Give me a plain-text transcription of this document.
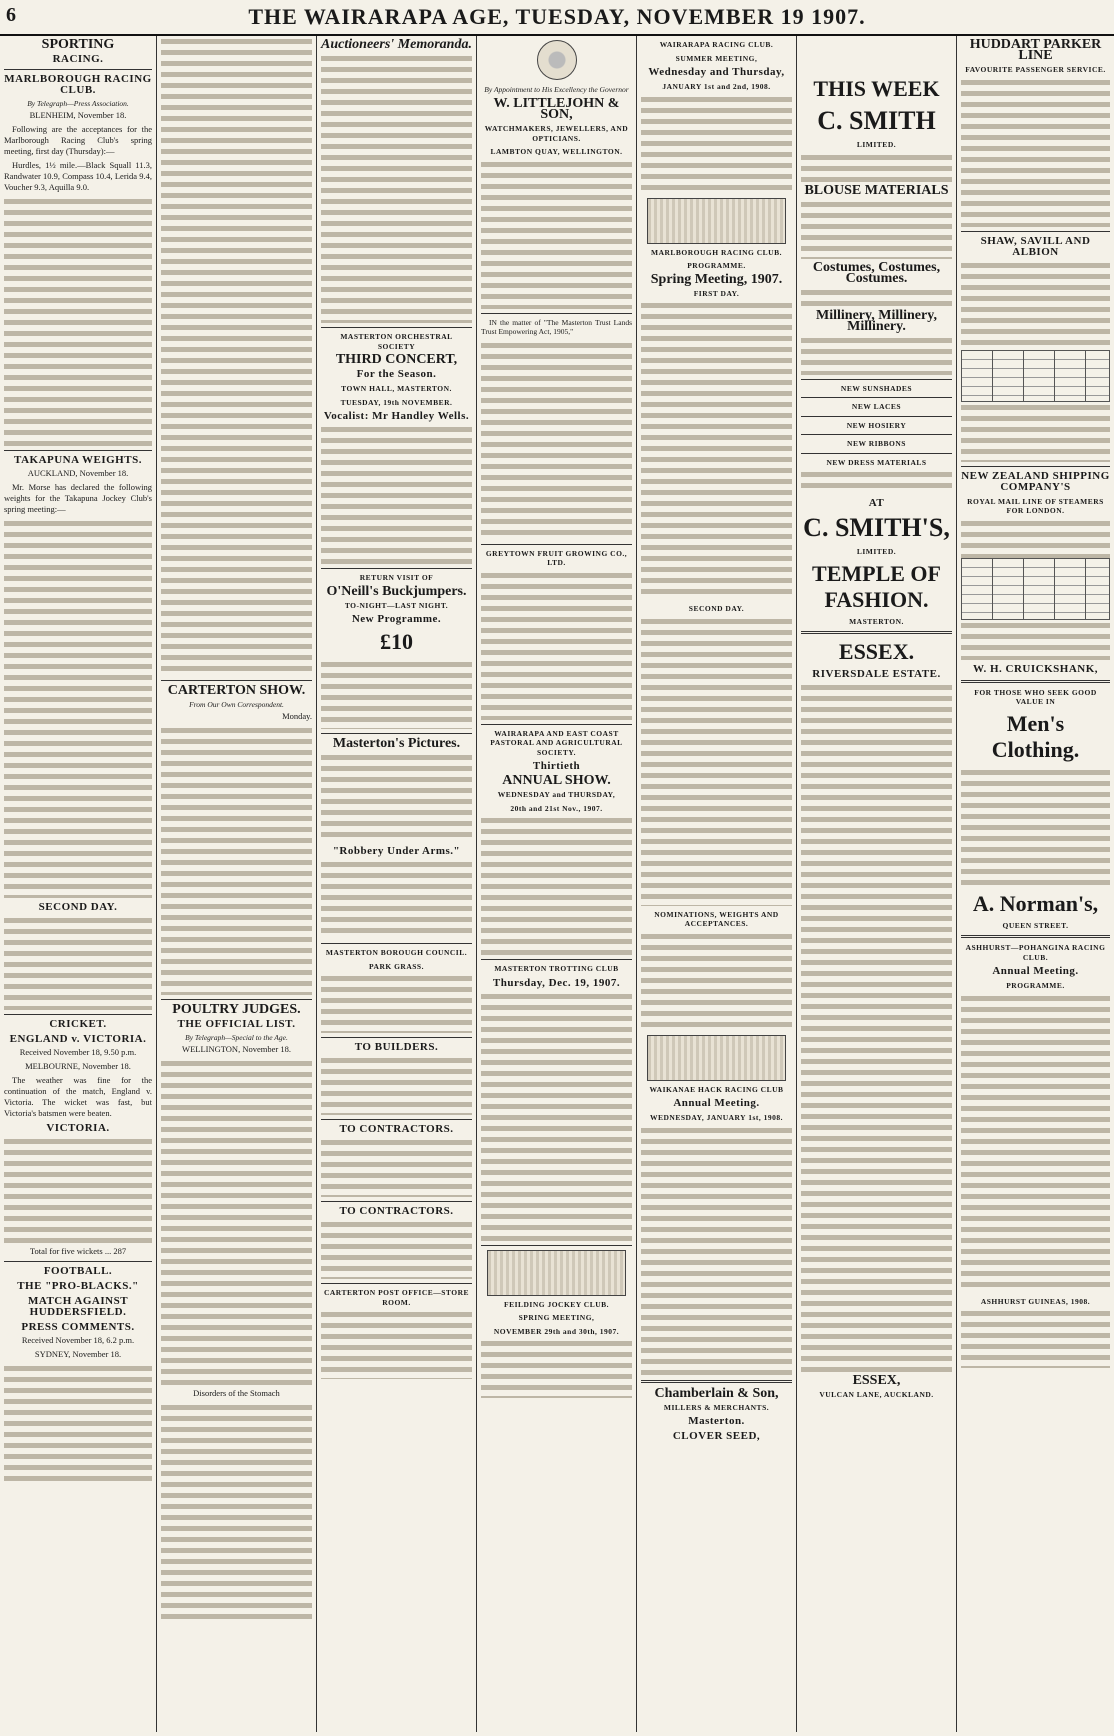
6	THE WAIRARAPA AGE, TUESDAY, NOVEMBER 19 1907.
SPORTING
RACING.
MARLBOROUGH RACING CLUB.
By Telegraph—Press Association.

BLENHEIM, November 18.

Following are the acceptances for the Marlborough Racing Club's spring meeting, first day (Thursday):—

Hurdles, 1½ mile.—Black Squall 11.3, Randwater 10.9, Compass 10.4, Lerida 9.4, Voucher 9.3, Aquilla 9.0.

TAKAPUNA WEIGHTS.

AUCKLAND, November 18.

Mr. Morse has declared the following weights for the Takapuna Jockey Club's spring meeting:—

SECOND DAY.
CRICKET.
ENGLAND v. VICTORIA.

Received November 18, 9.50 p.m.

MELBOURNE, November 18.

The weather was fine for the continuation of the match, England v. Victoria. The wicket was fast, but Victoria's batsmen were beaten.

VICTORIA.

Total for five wickets ... 287

FOOTBALL.
THE "PRO-BLACKS."
MATCH AGAINST HUDDERSFIELD.
PRESS COMMENTS.

Received November 18, 6.2 p.m.

SYDNEY, November 18.

CARTERTON SHOW.
From Our Own Correspondent.

Monday.

POULTRY JUDGES.
THE OFFICIAL LIST.
By Telegraph—Special to the Age.

WELLINGTON, November 18.

Disorders of the Stomach

Auctioneers' Memoranda.
MASTERTON ORCHESTRAL SOCIETY
THIRD CONCERT,
For the Season.
TOWN HALL, MASTERTON.
TUESDAY, 19th NOVEMBER.
Vocalist: Mr Handley Wells.
RETURN VISIT OF
O'Neill's Buckjumpers.
TO-NIGHT—LAST NIGHT.
New Programme.
£10
Masterton's Pictures.
"Robbery Under Arms."
MASTERTON BOROUGH COUNCIL.
PARK GRASS.
TO BUILDERS.
TO CONTRACTORS.
TO CONTRACTORS.
CARTERTON POST OFFICE—STORE ROOM.
By Appointment to His Excellency the Governor
W. LITTLEJOHN & SON,
WATCHMAKERS, JEWELLERS, AND OPTICIANS.
LAMBTON QUAY, WELLINGTON.

IN the matter of "The Masterton Trust Lands Trust Empowering Act, 1905,"

GREYTOWN FRUIT GROWING CO., LTD.
WAIRARAPA AND EAST COAST PASTORAL AND AGRICULTURAL SOCIETY.
Thirtieth
ANNUAL SHOW.
WEDNESDAY and THURSDAY,
20th and 21st Nov., 1907.
MASTERTON TROTTING CLUB
Thursday, Dec. 19, 1907.
FEILDING JOCKEY CLUB.
SPRING MEETING,
NOVEMBER 29th and 30th, 1907.
WAIRARAPA RACING CLUB.
SUMMER MEETING,
Wednesday and Thursday,
JANUARY 1st and 2nd, 1908.
MARLBOROUGH RACING CLUB.
PROGRAMME.
Spring Meeting, 1907.
FIRST DAY.
SECOND DAY.
NOMINATIONS, WEIGHTS AND ACCEPTANCES.
WAIKANAE HACK RACING CLUB
Annual Meeting.
WEDNESDAY, JANUARY 1st, 1908.
Chamberlain & Son,
MILLERS & MERCHANTS.
Masterton.
CLOVER SEED,
THIS WEEK
C. SMITH
LIMITED.
BLOUSE MATERIALS
Costumes, Costumes, Costumes.
Millinery, Millinery, Millinery.
NEW SUNSHADES
NEW LACES
NEW HOSIERY
NEW RIBBONS
NEW DRESS MATERIALS
AT
C. SMITH'S,
LIMITED.
TEMPLE OF FASHION.
MASTERTON.
ESSEX.
RIVERSDALE ESTATE.
ESSEX,
VULCAN LANE, AUCKLAND.
HUDDART PARKER LINE
FAVOURITE PASSENGER SERVICE.
SHAW, SAVILL AND ALBION
NEW ZEALAND SHIPPING COMPANY'S
ROYAL MAIL LINE OF STEAMERS FOR LONDON.
W. H. CRUICKSHANK,
FOR THOSE WHO SEEK GOOD VALUE IN
Men's Clothing.
A. Norman's,
QUEEN STREET.
ASHHURST—POHANGINA RACING CLUB.
Annual Meeting.
PROGRAMME.
ASHHURST GUINEAS, 1908.
